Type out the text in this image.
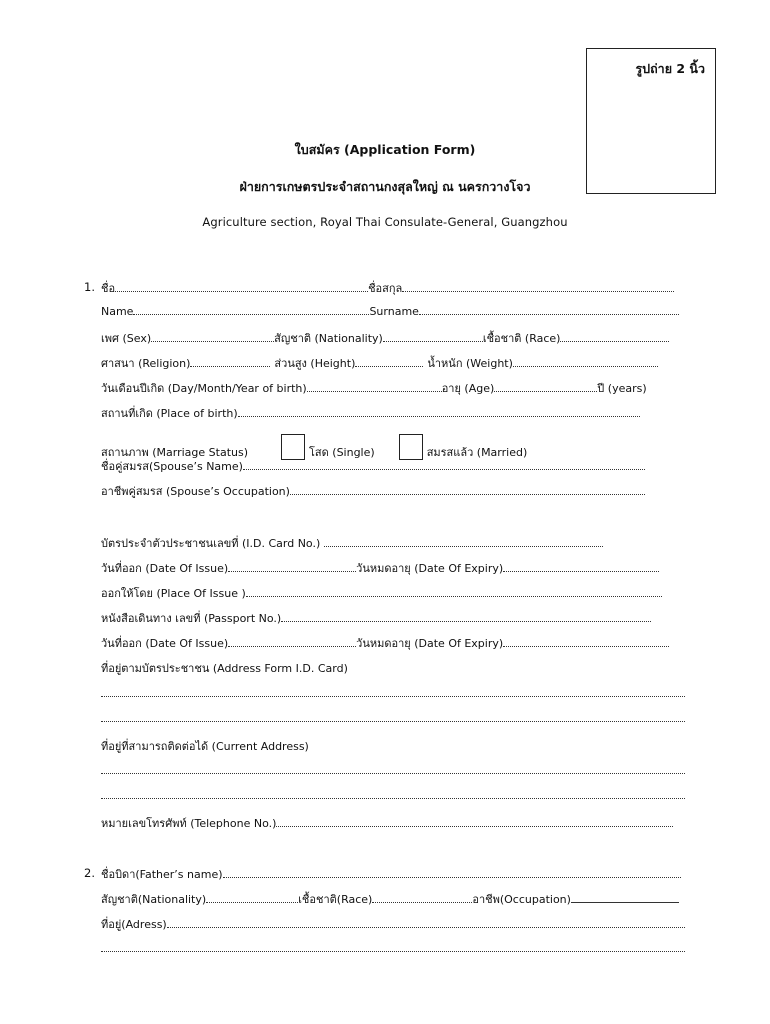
รูปถ่าย 2 นิ้ว
ใบสมัคร (Application Form)
ฝ่ายการเกษตรประจำสถานกงสุลใหญ่ ณ นครกวางโจว
Agriculture section, Royal Thai Consulate-General, Guangzhou
1. ชื่อ	ชื่อสกุล
Name	Surname
เพศ (Sex)	สัญชาติ (Nationality)	เชื้อชาติ (Race)
ศาสนา (Religion)	ส่วนสูง (Height)	น้ำหนัก (Weight)
วันเดือนปีเกิด (Day/Month/Year of birth)	อายุ (Age)	ปี (years)
สถานที่เกิด (Place of birth)
สถานภาพ (Marriage Status)	โสด (Single)	สมรสแล้ว (Married)
ชื่อคู่สมรส(Spouse’s Name)
อาชีพคู่สมรส (Spouse’s Occupation)
บัตรประจำตัวประชาชนเลขที่ (I.D. Card No.)
วันที่ออก (Date Of Issue)	วันหมดอายุ (Date Of Expiry)
ออกให้โดย (Place Of Issue )
หนังสือเดินทาง เลขที่ (Passport No.)
วันที่ออก (Date Of Issue)	วันหมดอายุ (Date Of Expiry)
ที่อยู่ตามบัตรประชาชน (Address Form I.D. Card)
ที่อยู่ที่สามารถติดต่อได้ (Current Address)
หมายเลขโทรศัพท์ (Telephone No.)
2. ชื่อบิดา(Father’s name)
สัญชาติ(Nationality)	เชื้อชาติ(Race)	อาชีพ(Occupation)
ที่อยู่(Adress)
